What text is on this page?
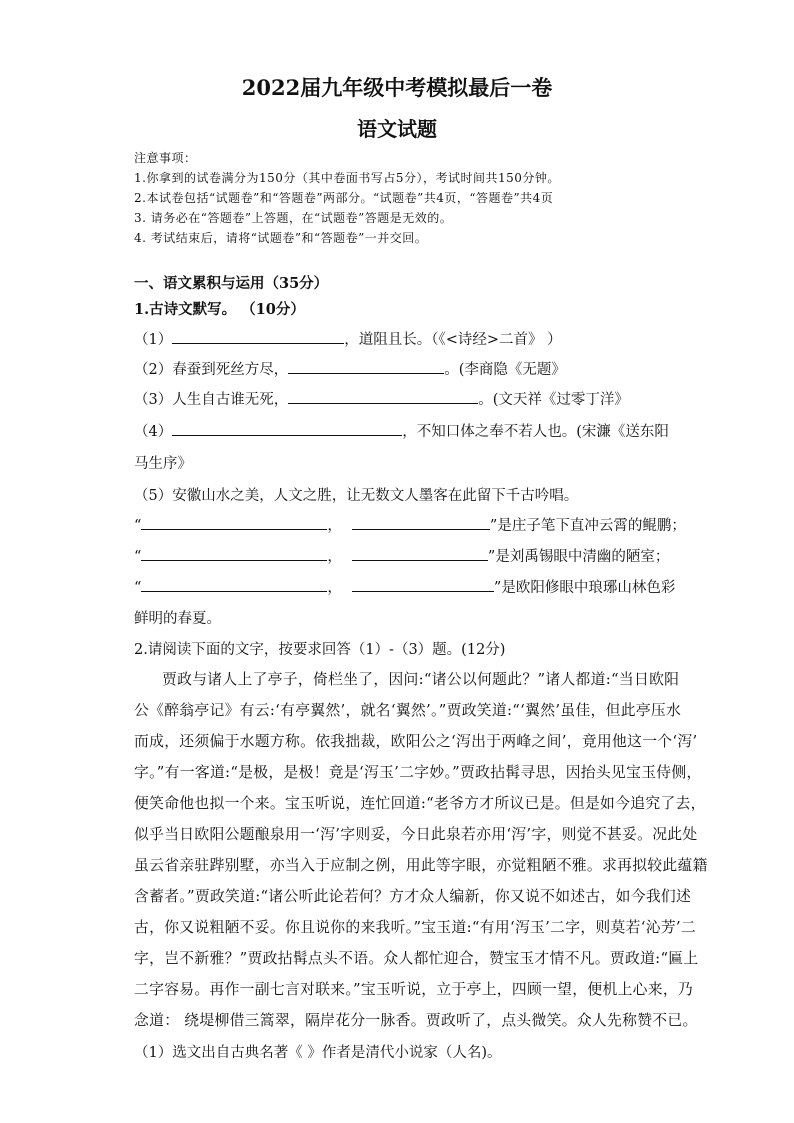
2022届九年级中考模拟最后一卷
语文试题
注意事项：
1.你拿到的试卷满分为150分（其中卷面书写占5分），考试时间共150分钟。
2.本试卷包括“试题卷”和“答题卷”两部分。“试题卷”共4页，“答题卷”共4页
3. 请务必在“答题卷”上答题，在“试题卷”答题是无效的。
4. 考试结束后，请将“试题卷”和“答题卷”一并交回。
一、语文累积与运用（35分）
1.古诗文默写。 （10分）
（1）	，道阻且长。（《<诗经>二首》 ）
（2）春蚕到死丝方尽，	。(李商隐《无题》
（3）人生自古谁无死，	。(文天祥《过零丁洋》
（4）	，不知口体之奉不若人也。(宋濂《送东阳
马生序》
（5）安徽山水之美，人文之胜，让无数文人墨客在此留下千古吟唱。
“	，	”是庄子笔下直冲云霄的鲲鹏；
“	，	”是刘禹锡眼中清幽的陋室；
“	，	”是欧阳修眼中琅琊山林色彩
鲜明的春夏。
2.请阅读下面的文字，按要求回答（1）-（3）题。(12分)
贾政与诸人上了亭子，倚栏坐了，因问:“诸公以何题此？”诸人都道:“当日欧阳
公《醉翁亭记》有云:‘有亭翼然’，就名‘翼然’。”贾政笑道:“‘翼然’虽佳，但此亭压水
而成，还须偏于水题方称。依我拙裁，欧阳公之‘泻出于两峰之间’，竟用他这一个‘泻’
字。”有一客道:“是极，是极！竟是‘泻玉’二字妙。”贾政拈髯寻思，因抬头见宝玉侍侧，
便笑命他也拟一个来。宝玉听说，连忙回道:“老爷方才所议已是。但是如今追究了去，
似乎当日欧阳公题酿泉用一‘泻’字则妥，今日此泉若亦用‘泻’字，则觉不甚妥。况此处
虽云省亲驻跸别墅，亦当入于应制之例，用此等字眼，亦觉粗陋不雅。求再拟较此蕴籍
含蓄者。”贾政笑道:“诸公听此论若何？方才众人编新，你又说不如述古，如今我们述
古，你又说粗陋不妥。你且说你的来我听。”宝玉道:“有用‘泻玉’二字，则莫若‘沁芳’二
字，岂不新雅？”贾政拈髯点头不语。众人都忙迎合，赞宝玉才情不凡。贾政道:“匾上
二字容易。再作一副七言对联来。”宝玉听说，立于亭上，四顾一望，便机上心来，乃
念道： 绕堤柳借三篙翠，隔岸花分一脉香。贾政听了，点头微笑。众人先称赞不已。
（1）选文出自古典名著《 》作者是清代小说家（人名)。
